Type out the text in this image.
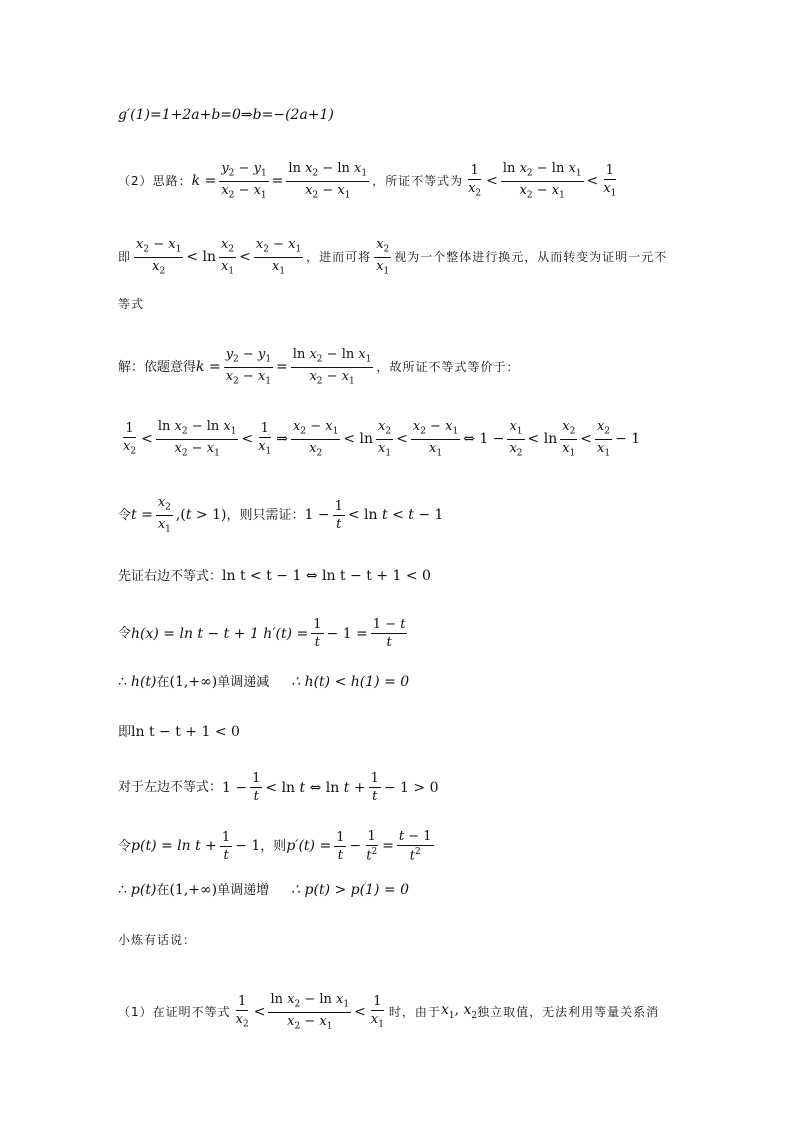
g′(1)=1+2a+b=0⇒b=−(2a+1)
（2）思路： $k = \frac{y_2 - y_1}{x_2 - x_1} = \frac{\ln x_2 - \ln x_1}{x_2 - x_1}$ ，所证不等式为 $\frac{1}{x_2} < \frac{\ln x_2 - \ln x_1}{x_2 - x_1} < \frac{1}{x_1}$
即 $\frac{x_2 - x_1}{x_2} < \ln \frac{x_2}{x_1} < \frac{x_2 - x_1}{x_1}$ ，进而可将 $\frac{x_2}{x_1}$ 视为一个整体进行换元，从而转变为证明一元不
等式
解：依题意得 $k = \frac{y_2 - y_1}{x_2 - x_1} = \frac{\ln x_2 - \ln x_1}{x_2 - x_1}$ ，故所证不等式等价于：
$\frac{1}{x_2} < \frac{\ln x_2 - \ln x_1}{x_2 - x_1} < \frac{1}{x_1}$ ⇒ $\frac{x_2 - x_1}{x_2} < \ln \frac{x_2}{x_1} < \frac{x_2 - x_1}{x_1}$ ⇔ $1 - \frac{x_1}{x_2} < \ln \frac{x_2}{x_1} < \frac{x_2}{x_1} - 1$
令 $t = \frac{x_2}{x_1} ,(t > 1)$ ，则只需证： $1 - \frac{1}{t} < \ln t < t - 1$
先证右边不等式： ln t < t − 1 ⇔ ln t − t + 1 < 0
令 h(x) = ln t − t + 1 $h'(t) = \frac{1}{t} - 1 = \frac{1 - t}{t}$
∴ h(t) 在 (1,+∞) 单调递减 ∴ h(t) < h(1) = 0
即 ln t − t + 1 < 0
对于左边不等式： $1 - \frac{1}{t} < \ln t$ ⇔ $\ln t + \frac{1}{t} - 1 > 0$
令 $p(t) = \ln t + \frac{1}{t} - 1$ ，则 $p'(t) = \frac{1}{t} - \frac{1}{t^2} = \frac{t - 1}{t^2}$
∴ p(t) 在 (1,+∞) 单调递增 ∴ p(t) > p(1) = 0
小炼有话说：
（1）在证明不等式 $\frac{1}{x_2} < \frac{\ln x_2 - \ln x_1}{x_2 - x_1} < \frac{1}{x_1}$ 时，由于 $x_1$, $x_2$ 独立取值，无法利用等量关系消
